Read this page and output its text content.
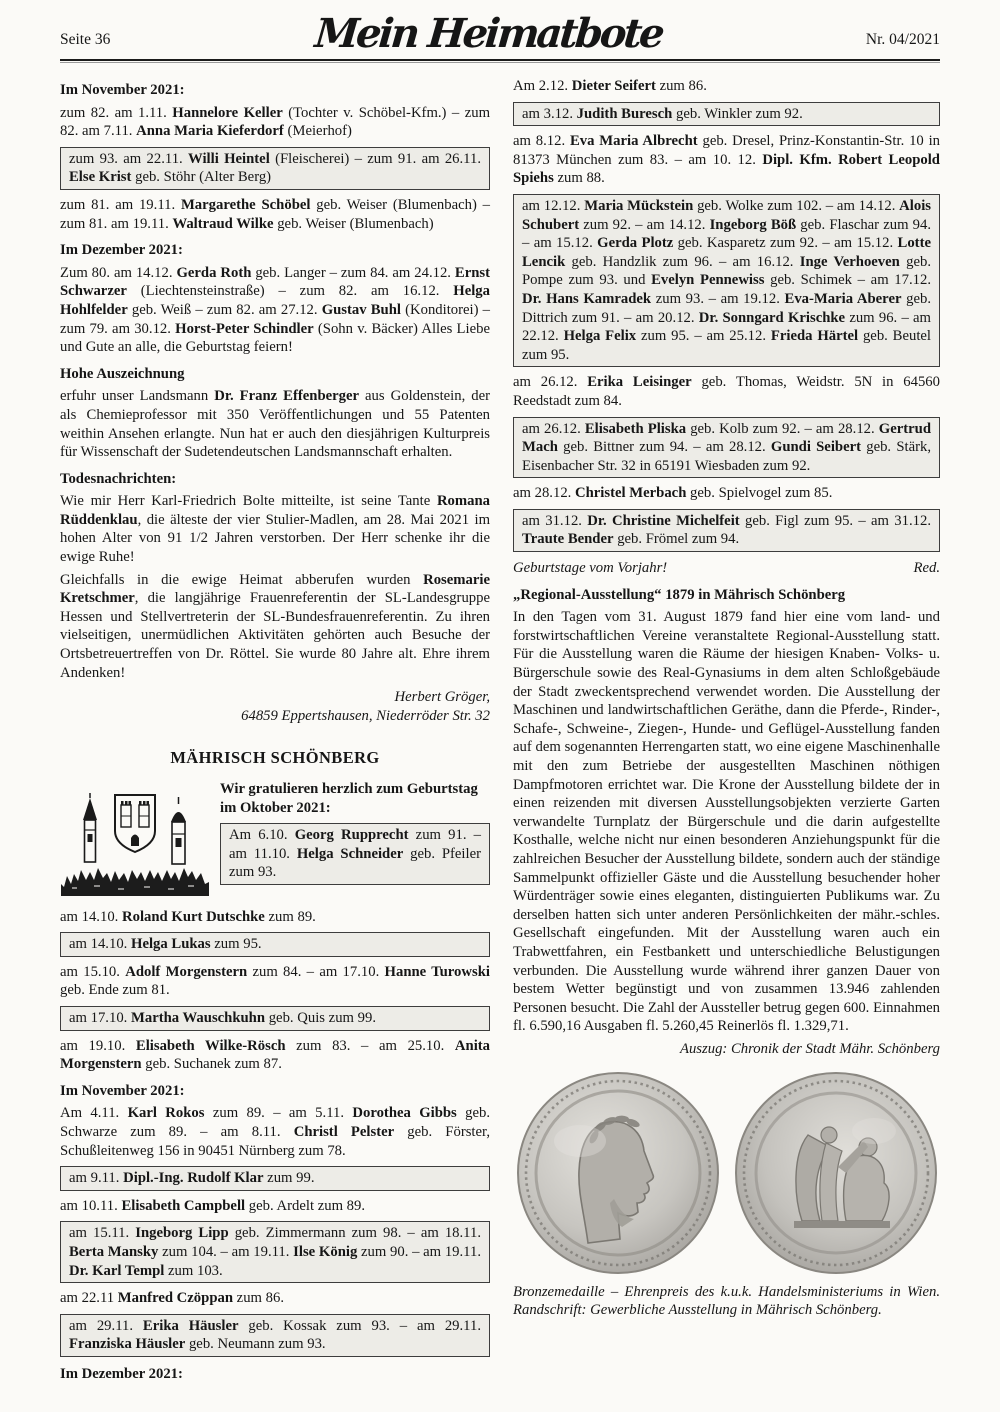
Seite 36	Mein Heimatbote	Nr. 04/2021
Im November 2021:
zum 82. am 1.11. Hannelore Keller (Tochter v. Schöbel-Kfm.) – zum 82. am 7.11. Anna Maria Kieferdorf (Meierhof)
zum 93. am 22.11. Willi Heintel (Fleischerei) – zum 91. am 26.11. Else Krist geb. Stöhr (Alter Berg)
zum 81. am 19.11. Margarethe Schöbel geb. Weiser (Blumenbach) – zum 81. am 19.11. Waltraud Wilke geb. Weiser (Blumenbach)
Im Dezember 2021:
Zum 80. am 14.12. Gerda Roth geb. Langer – zum 84. am 24.12. Ernst Schwarzer (Liechtensteinstraße) – zum 82. am 16.12. Helga Hohlfelder geb. Weiß – zum 82. am 27.12. Gustav Buhl (Konditorei) – zum 79. am 30.12. Horst-Peter Schindler (Sohn v. Bäcker) Alles Liebe und Gute an alle, die Geburtstag feiern!
Hohe Auszeichnung
erfuhr unser Landsmann Dr. Franz Effenberger aus Goldenstein, der als Chemieprofessor mit 350 Veröffentlichungen und 55 Patenten weithin Ansehen erlangte. Nun hat er auch den diesjährigen Kulturpreis für Wissenschaft der Sudetendeutschen Landsmannschaft erhalten.
Todesnachrichten:
Wie mir Herr Karl-Friedrich Bolte mitteilte, ist seine Tante Romana Rüddenklau, die älteste der vier Stulier-Madlen, am 28. Mai 2021 im hohen Alter von 91 1/2 Jahren verstorben. Der Herr schenke ihr die ewige Ruhe!
Gleichfalls in die ewige Heimat abberufen wurden Rosemarie Kretschmer, die langjährige Frauenreferentin der SL-Landesgruppe Hessen und Stellvertreterin der SL-Bundesfrauenreferentin. Zu ihren vielseitigen, unermüdlichen Aktivitäten gehörten auch Besuche der Ortsbetreuertreffen von Dr. Röttel. Sie wurde 80 Jahre alt. Ehre ihrem Andenken!
Herbert Gröger,
64859 Eppertshausen, Niederröder Str. 32
MÄHRISCH SCHÖNBERG
Wir gratulieren herzlich zum Geburtstag im Oktober 2021:
Am 6.10. Georg Rupprecht zum 91. – am 11.10. Helga Schneider geb. Pfeiler zum 93.
am 14.10. Roland Kurt Dutschke zum 89.
am 14.10. Helga Lukas zum 95.
am 15.10. Adolf Morgenstern zum 84. – am 17.10. Hanne Turowski geb. Ende zum 81.
am 17.10. Martha Wauschkuhn geb. Quis zum 99.
am 19.10. Elisabeth Wilke-Rösch zum 83. – am 25.10. Anita Morgenstern geb. Suchanek zum 87.
Im November 2021:
Am 4.11. Karl Rokos zum 89. – am 5.11. Dorothea Gibbs geb. Schwarze zum 89. – am 8.11. Christl Pelster geb. Förster, Schußleitenweg 156 in 90451 Nürnberg zum 78.
am 9.11. Dipl.-Ing. Rudolf Klar zum 99.
am 10.11. Elisabeth Campbell geb. Ardelt zum 89.
am 15.11. Ingeborg Lipp geb. Zimmermann zum 98. – am 18.11. Berta Mansky zum 104. – am 19.11. Ilse König zum 90. – am 19.11. Dr. Karl Templ zum 103.
am 22.11 Manfred Czöppan zum 86.
am 29.11. Erika Häusler geb. Kossak zum 93. – am 29.11. Franziska Häusler geb. Neumann zum 93.
Im Dezember 2021:
Am 2.12. Dieter Seifert zum 86.
am 3.12. Judith Buresch geb. Winkler zum 92.
am 8.12. Eva Maria Albrecht geb. Dresel, Prinz-Konstantin-Str. 10 in 81373 München zum 83. – am 10. 12. Dipl. Kfm. Robert Leopold Spiehs zum 88.
am 12.12. Maria Mückstein geb. Wolke zum 102. – am 14.12. Alois Schubert zum 92. – am 14.12. Ingeborg Böß geb. Flaschar zum 94. – am 15.12. Gerda Plotz geb. Kasparetz zum 92. – am 15.12. Lotte Lencik geb. Handzlik zum 96. – am 16.12. Inge Verhoeven geb. Pompe zum 93. und Evelyn Pennewiss geb. Schimek – am 17.12. Dr. Hans Kamradek zum 93. – am 19.12. Eva-Maria Aberer geb. Dittrich zum 91. – am 20.12. Dr. Sonngard Krischke zum 96. – am 22.12. Helga Felix zum 95. – am 25.12. Frieda Härtel geb. Beutel zum 95.
am 26.12. Erika Leisinger geb. Thomas, Weidstr. 5N in 64560 Reedstadt zum 84.
am 26.12. Elisabeth Pliska geb. Kolb zum 92. – am 28.12. Gertrud Mach geb. Bittner zum 94. – am 28.12. Gundi Seibert geb. Stärk, Eisenbacher Str. 32 in 65191 Wiesbaden zum 92.
am 28.12. Christel Merbach geb. Spielvogel zum 85.
am 31.12. Dr. Christine Michelfeit geb. Figl zum 95. – am 31.12. Traute Bender geb. Frömel zum 94.
Geburtstage vom Vorjahr!	Red.
„Regional-Ausstellung“ 1879 in Mährisch Schönberg
In den Tagen vom 31. August 1879 fand hier eine vom land- und forstwirtschaftlichen Vereine veranstaltete Regional-Ausstellung statt. Für die Ausstellung waren die Räume der hiesigen Knaben- Volks- u. Bürgerschule sowie des Real-Gynasiums in dem alten Schloßgebäude der Stadt zweckentsprechend verwendet worden. Die Ausstellung der Maschinen und landwirtschaftlichen Geräthe, dann die Pferde-, Rinder-, Schafe-, Schweine-, Ziegen-, Hunde- und Geflügel-Ausstellung fanden auf dem sogenannten Herrengarten statt, wo eine eigene Maschinenhalle mit den zum Betriebe der ausgestellten Maschinen nöthigen Dampfmotoren errichtet war. Die Krone der Ausstellung bildete der in einen reizenden mit diversen Ausstellungsobjekten verzierte Garten verwandelte Turnplatz der Bürgerschule und die darin aufgestellte Kosthalle, welche nicht nur einen besonderen Anziehungspunkt für die zahlreichen Besucher der Ausstellung bildete, sondern auch der ständige Sammelpunkt offizieller Gäste und die Ausstellung besuchender hoher Würdenträger sowie eines eleganten, distinguierten Publikums war. Zu derselben hatten sich unter anderen Persönlichkeiten der mähr.-schles. Gesellschaft eingefunden. Mit der Ausstellung waren auch ein Trabwettfahren, ein Festbankett und unterschiedliche Belustigungen verbunden. Die Ausstellung wurde während ihrer ganzen Dauer von bestem Wetter begünstigt und von zusammen 13.946 zahlenden Personen besucht. Die Zahl der Aussteller betrug gegen 600. Einnahmen fl. 6.590,16 Ausgaben fl. 5.260,45 Reinerlös fl. 1.329,71.
Auszug: Chronik der Stadt Mähr. Schönberg
Bronzemedaille – Ehrenpreis des k.u.k. Handelsministeriums in Wien. Randschrift: Gewerbliche Ausstellung in Mährisch Schönberg.
